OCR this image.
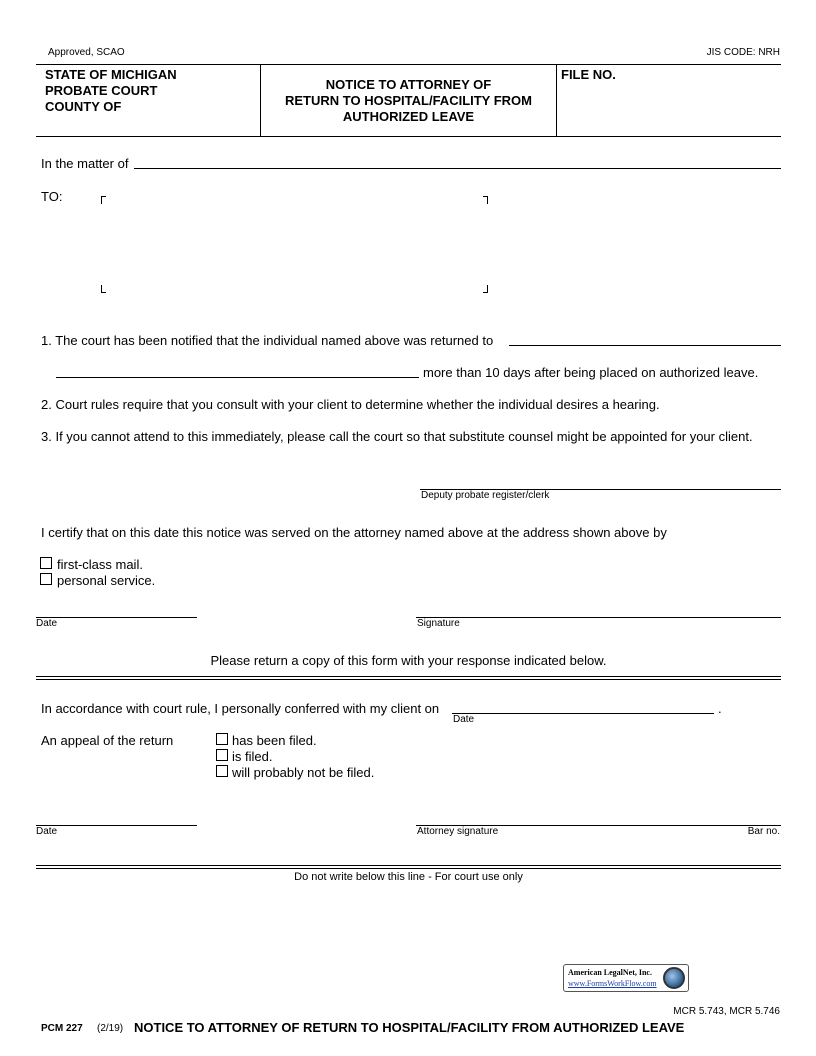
Approved, SCAO	JIS CODE: NRH
STATE OF MICHIGAN
PROBATE COURT
COUNTY OF
NOTICE TO ATTORNEY OF
RETURN TO HOSPITAL/FACILITY FROM
AUTHORIZED LEAVE
FILE NO.
In the matter of
TO:
1. The court has been notified that the individual named above was returned to
more than 10 days after being placed on authorized leave.
2. Court rules require that you consult with your client to determine whether the individual desires a hearing.
3. If you cannot attend to this immediately, please call the court so that substitute counsel might be appointed for your client.
Deputy probate register/clerk
I certify that on this date this notice was served on the attorney named above at the address shown above by
first-class mail.
personal service.
Date	Signature
Please return a copy of this form with your response indicated below.
In accordance with court rule, I personally conferred with my client on	.
Date
An appeal of the return	has been filed.
is filed.
will probably not be filed.
Date	Attorney signature	Bar no.
Do not write below this line - For court use only
American LegalNet, Inc.
www.FormsWorkFlow.com
MCR 5.743, MCR 5.746
PCM 227 (2/19) NOTICE TO ATTORNEY OF RETURN TO HOSPITAL/FACILITY FROM AUTHORIZED LEAVE
